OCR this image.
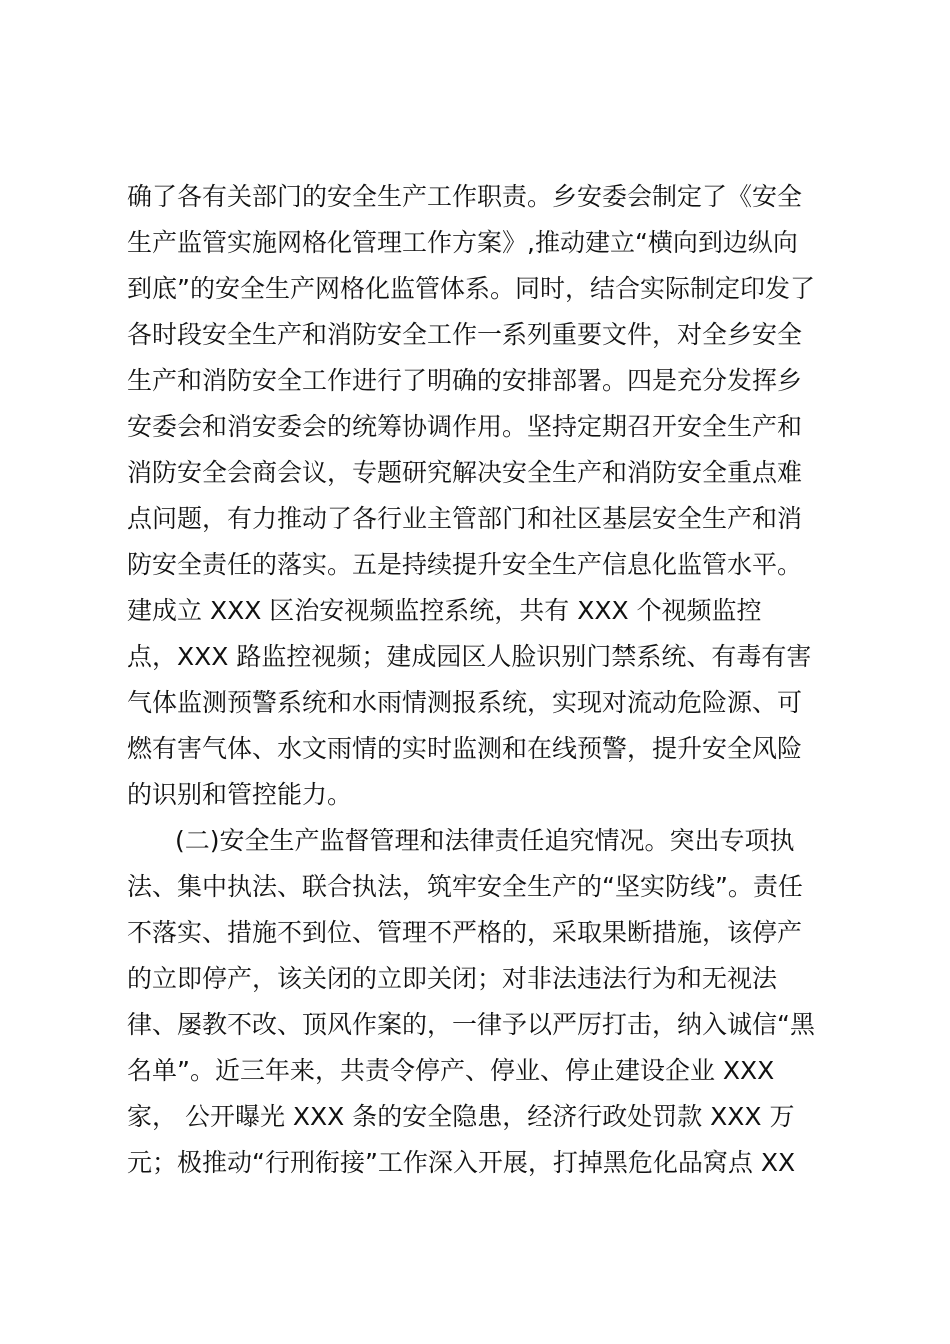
确了各有关部门的安全生产工作职责。乡安委会制定了《安全
生产监管实施网格化管理工作方案》,推动建立“横向到边纵向
到底”的安全生产网格化监管体系。同时，结合实际制定印发了
各时段安全生产和消防安全工作一系列重要文件，对全乡安全
生产和消防安全工作进行了明确的安排部署。四是充分发挥乡
安委会和消安委会的统筹协调作用。坚持定期召开安全生产和
消防安全会商会议，专题研究解决安全生产和消防安全重点难
点问题，有力推动了各行业主管部门和社区基层安全生产和消
防安全责任的落实。五是持续提升安全生产信息化监管水平。
建成立 XXX 区治安视频监控系统，共有 XXX 个视频监控
点，XXX 路监控视频；建成园区人脸识别门禁系统、有毒有害
气体监测预警系统和水雨情测报系统，实现对流动危险源、可
燃有害气体、水文雨情的实时监测和在线预警，提升安全风险
的识别和管控能力。
(二)安全生产监督管理和法律责任追究情况。突出专项执
法、集中执法、联合执法，筑牢安全生产的“坚实防线”。责任
不落实、措施不到位、管理不严格的，采取果断措施，该停产
的立即停产，该关闭的立即关闭；对非法违法行为和无视法
律、屡教不改、顶风作案的，一律予以严厉打击，纳入诚信“黑
名单”。近三年来，共责令停产、停业、停止建设企业 XXX
家， 公开曝光 XXX 条的安全隐患，经济行政处罚款 XXX 万
元；极推动“行刑衔接”工作深入开展，打掉黑危化品窝点 XX
